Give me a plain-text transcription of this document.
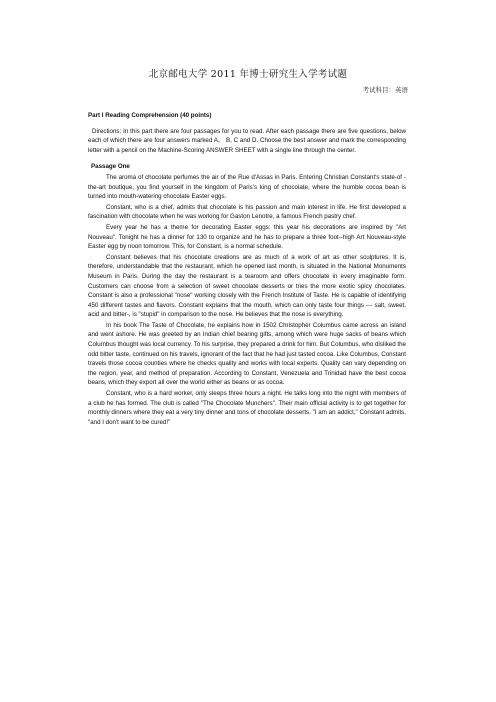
北京邮电大学 2011 年博士研究生入学考试题
考试科目：英语
Part I Reading Comprehension (40 points)

Directions: In this part there are four passages for you to read. After each passage there are five questions, below each of which there are four answers marked A， B, C and D. Choose the best answer and mark the corresponding letter with a pencil on the Machine-Scoring ANSWER SHEET with a single line through the center.

Passage One

The aroma of chocolate perfumes the air of the Rue d'Assas in Paris. Entering Christian Constant's state-of -the-art boutique, you find yourself in the kingdom of Paris's king of chocolate, where the humble cocoa bean is turned into mouth-watering chocolate Easter eggs.

Constant, who is a chef, admits that chocolate is his passion and main interest in life. He first developed a fascination with chocolate when he was working for Gaston Lenotre, a famous French pastry chef.

Every year he has a theme for decorating Easter eggs: this year his decorations are inspired by "Art Nouveau". Tonight he has a dinner for 130 to organize and he has to prepare a three foot--high Art Nouveau-style Easter egg by noon tomorrow. This, for Constant, is a normal schedule.

Constant believes that his chocolate creations are as much of a work of art as other sculptures. It is, therefore, understandable that the restaurant, which he opened last month, is situated in the National Monuments Museum in Paris. During the day the restaurant is a tearoom and offers chocolate in every imaginable form. Customers can choose from a selection of sweet chocolate desserts or tries the more exotic spicy chocolates. Constant is also a professional "nose" working closely with the French Institute of Taste. He is capable of identifying 450 different tastes and flavors. Constant explains that the mouth, which can only taste four things --- salt, sweet, acid and bitter-, is "stupid" in comparison to the nose. He believes that the nose is everything.

In his book The Taste of Chocolate, he explains how in 1502 Christopher Columbus came across an island and went ashore. He was greeted by an Indian chief bearing gifts, among which were huge sacks of beans which Columbus thought was local currency. To his surprise, they prepared a drink for him. But Columbus, who disliked the odd bitter taste, continued on his travels, ignorant of the fact that he had just tasted cocoa. Like Columbus, Constant travels those cocoa counties where he checks quality and works with local experts. Quality can vary depending on the region, year, and method of preparation. According to Constant, Venezuela and Trinidad have the best cocoa beans, which they export all over the world either as beans or as cocoa.

Constant, who is a hard worker, only sleeps three hours a night. He talks long into the night with members of a club he has formed. The club is called "The Chocolate Munchers". Their main official activity is to get together for monthly dinners where they eat a very tiny dinner and tons of chocolate desserts. "I am an addict," Constant admits, "and I don't want to be cured!"
